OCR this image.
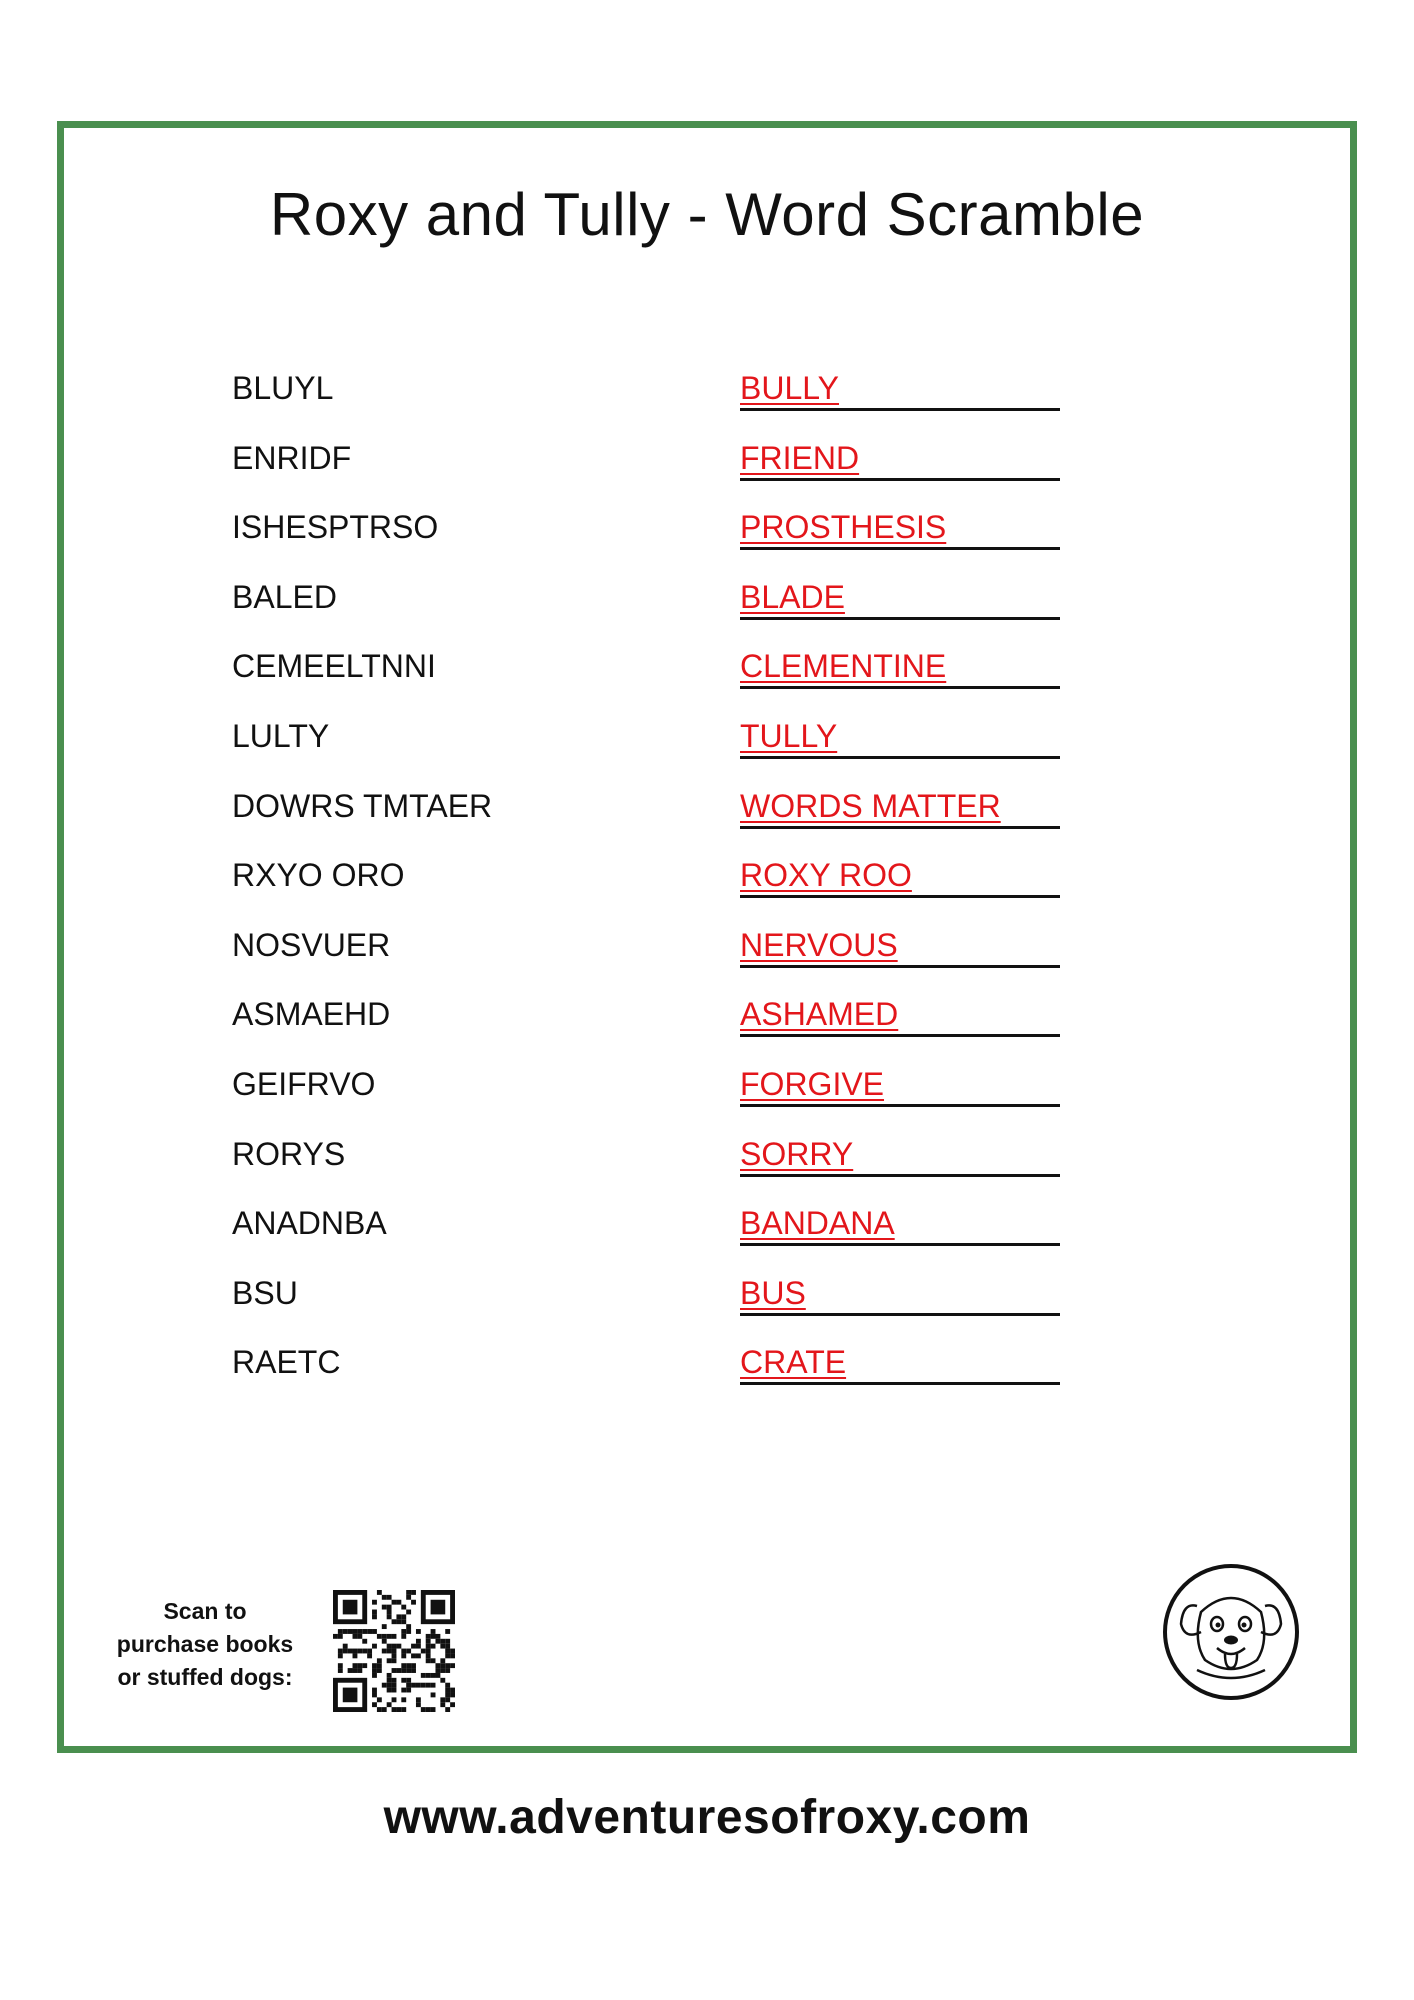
Roxy and Tully - Word Scramble
BLUYL	BULLY
ENRIDF	FRIEND
ISHESPTRSO	PROSTHESIS
BALED	BLADE
CEMEELTNNI	CLEMENTINE
LULTY	TULLY
DOWRS TMTAER	WORDS MATTER
RXYO ORO	ROXY ROO
NOSVUER	NERVOUS
ASMAEHD	ASHAMED
GEIFRVO	FORGIVE
RORYS	SORRY
ANADNBA	BANDANA
BSU	BUS
RAETC	CRATE
Scan to
purchase books
or stuffed dogs:
www.adventuresofroxy.com
